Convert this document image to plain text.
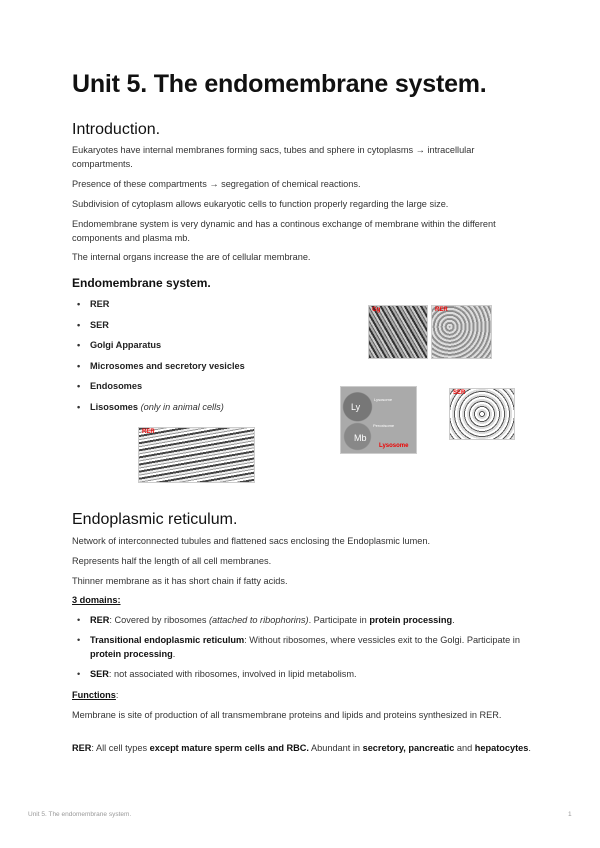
Unit 5. The endomembrane system.
Introduction.

Eukaryotes have internal membranes forming sacs, tubes and sphere in cytoplasms → intracellular compartments.

Presence of these compartments → segregation of chemical reactions.

Subdivision of cytoplasm allows eukaryotic cells to function properly regarding the large size.

Endomembrane system is very dynamic and has a continous exchange of membrane within the different components and plasma mb.

The internal organs increase the are of cellular membrane.

Endomembrane system.
• RER
• SER
• Golgi Apparatus
• Microsomes and secretory vesicles
• Endosomes
• Lisosomes (only in animal cells)
Gg	RER
Ly
Mb
Lysosome
Peroxisome
Lysosome
SER
RER
Endoplasmic reticulum.

Network of interconnected tubules and flattened sacs enclosing the Endoplasmic lumen.

Represents half the length of all cell membranes.

Thinner membrane as it has short chain if fatty acids.

3 domains:

• RER: Covered by ribosomes (attached to ribophorins). Participate in protein processing.
• Transitional endoplasmic reticulum: Without ribosomes, where vessicles exit to the Golgi. Participate in protein processing.
• SER: not associated with ribosomes, involved in lipid metabolism.

Functions:

Membrane is site of production of all transmembrane proteins and lipids and proteins synthesized in RER.

RER: All cell types except mature sperm cells and RBC. Abundant in secretory, pancreatic and hepatocytes.

Unit 5. The endomembrane system.	1
